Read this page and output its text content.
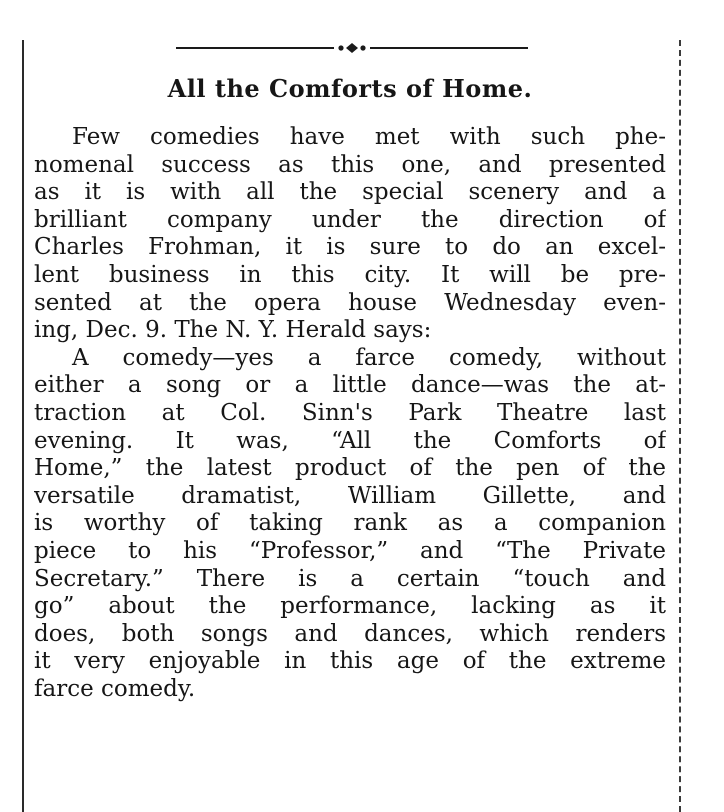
All the Comforts of Home.
Few comedies have met with such phe-
nomenal success as this one, and presented
as it is with all the special scenery and a
brilliant company under the direction of
Charles Frohman, it is sure to do an excel-
lent business in this city. It will be pre-
sented at the opera house Wednesday even-
ing, Dec. 9. The N. Y. Herald says:
A comedy—yes a farce comedy, without
either a song or a little dance—was the at-
traction at Col. Sinn's Park Theatre last
evening. It was, “All the Comforts of
Home,” the latest product of the pen of the
versatile dramatist, William Gillette, and
is worthy of taking rank as a companion
piece to his “Professor,” and “The Private
Secretary.” There is a certain “touch and
go” about the performance, lacking as it
does, both songs and dances, which renders
it very enjoyable in this age of the extreme
farce comedy.
